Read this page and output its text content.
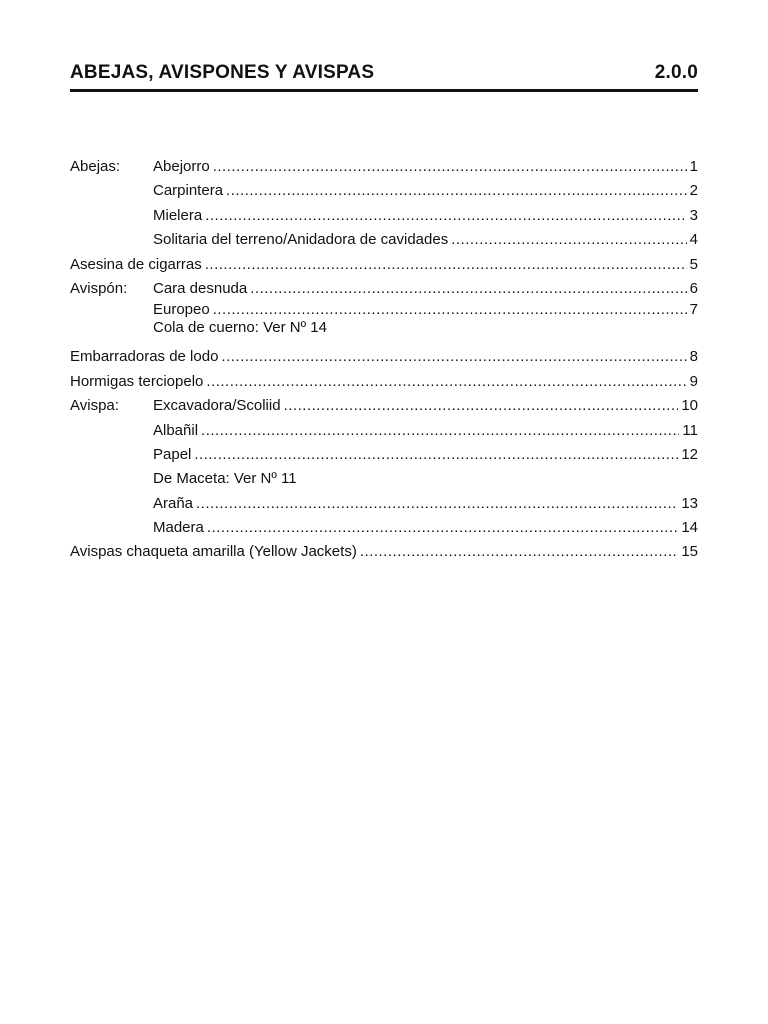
ABEJAS, AVISPONES Y AVISPAS	2.0.0
Abejas:	Abejorro .....	1
Carpintera .....	2
Mielera .....	3
Solitaria del terreno/Anidadora de cavidades .....	4
Asesina de cigarras .....	5
Avispón:	Cara desnuda .....	6
Europeo .....	7
Cola de cuerno: Ver Nº 14
Embarradoras de lodo .....	8
Hormigas terciopelo .....	9
Avispa:	Excavadora/Scoliid .....	10
Albañil .....	11
Papel .....	12
De Maceta: Ver Nº 11
Araña .....	13
Madera .....	14
Avispas chaqueta amarilla (Yellow Jackets) .....	15
